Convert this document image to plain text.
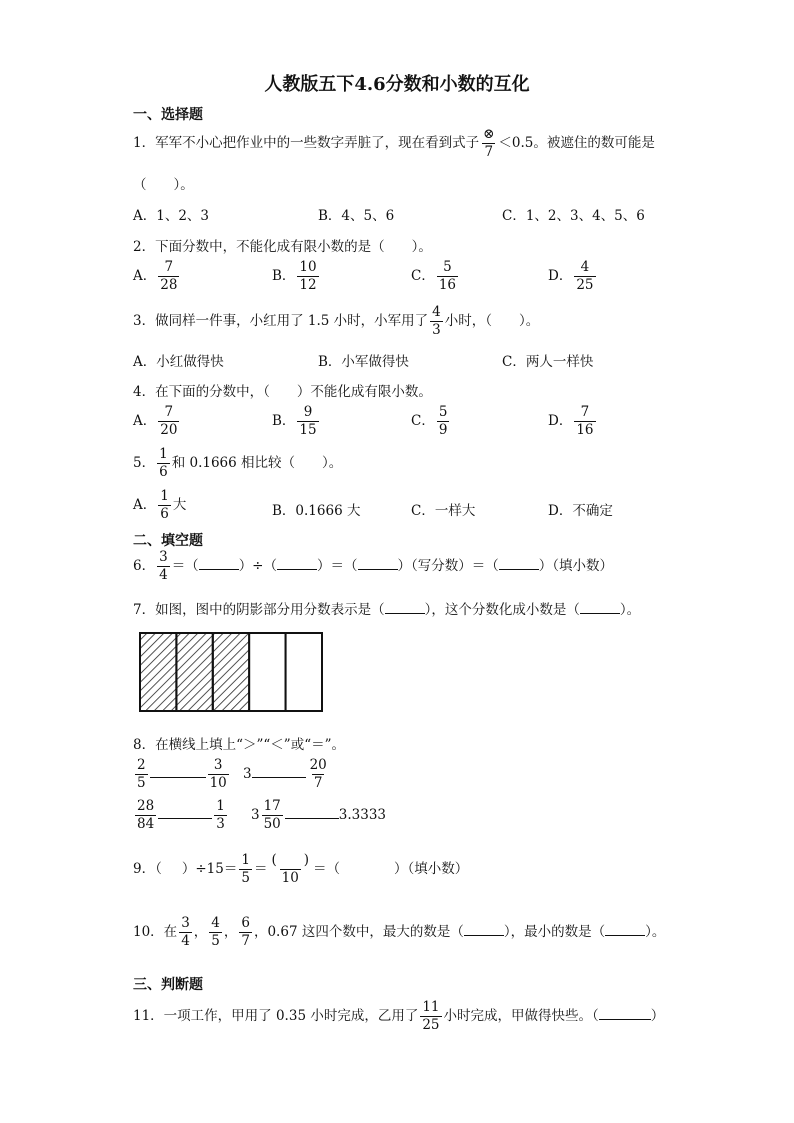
人教版五下4.6分数和小数的互化
一、选择题
1．军军不小心把作业中的一些数字弄脏了，现在看到式子 $\frac{\otimes}{7} <0.5$。被遮住的数可能是
（　　）。
A．1、2、3	B．4、5、6	C．1、2、3、4、5、6
2．下面分数中，不能化成有限小数的是（　　）。
A． $\frac{7}{28}$	B． $\frac{10}{12}$	C． $\frac{5}{16}$	D． $\frac{4}{25}$
3．做同样一件事，小红用了 1.5 小时，小军用了 $\frac{4}{3}$ 小时，（　　）。
A．小红做得快	B．小军做得快	C．两人一样快
4．在下面的分数中，（　　）不能化成有限小数。
A． $\frac{7}{20}$	B． $\frac{9}{15}$	C． $\frac{5}{9}$	D． $\frac{7}{16}$
5． $\frac{1}{6}$ 和 0.1666 相比较（　　）。
A． $\frac{1}{6}$ 大	B．0.1666 大	C．一样大	D．不确定
二、填空题
6． $\frac{3}{4}$ ＝（	）÷（	）＝（	）（写分数）＝（	）（填小数）
7．如图，图中的阴影部分用分数表示是（	），这个分数化成小数是（	）。
8．在横线上填上“＞”“＜”或“＝”。
$\frac{2}{5}$	$\frac{3}{10} 3$	$\frac{20}{7}$
$\frac{28}{84}$	$\frac{1}{3} 3 \frac{17}{50}$	3.3333
9．（ ）$\div 15= \frac{1}{5} = \frac{( )}{10}$ ＝（　　　　）（填小数）
10．在 $\frac{3}{4}$ ， $\frac{4}{5}$ ， $\frac{6}{7}$ ，0.67 这四个数中，最大的数是（	），最小的数是（	）。
三、判断题
11．一项工作，甲用了 0.35 小时完成，乙用了 $\frac{11}{25}$ 小时完成，甲做得快些。（	）
